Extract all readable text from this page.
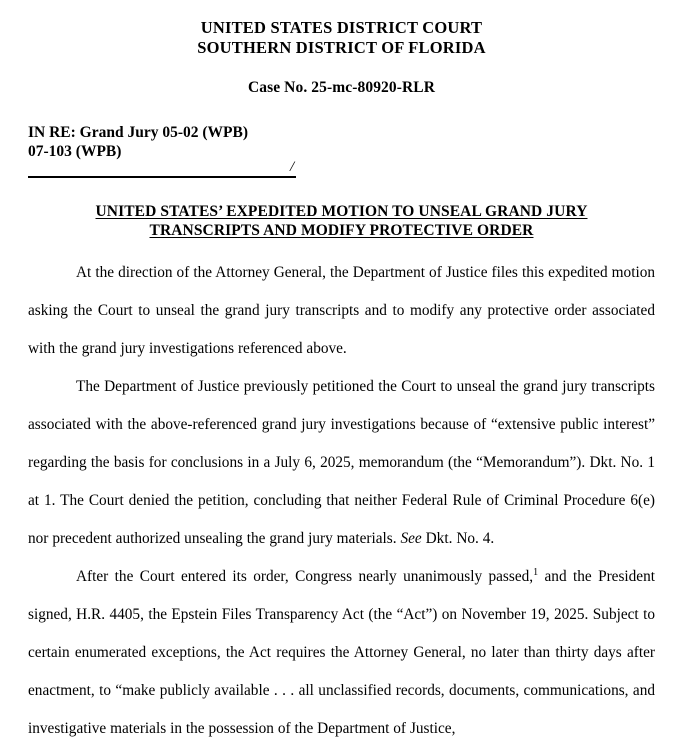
UNITED STATES DISTRICT COURT
SOUTHERN DISTRICT OF FLORIDA
Case No. 25-mc-80920-RLR
IN RE: Grand Jury 05-02 (WPB)
07-103 (WPB)
/
UNITED STATES’ EXPEDITED MOTION TO UNSEAL GRAND JURY
TRANSCRIPTS AND MODIFY PROTECTIVE ORDER

At the direction of the Attorney General, the Department of Justice files this expedited motion asking the Court to unseal the grand jury transcripts and to modify any protective order associated with the grand jury investigations referenced above.

The Department of Justice previously petitioned the Court to unseal the grand jury transcripts associated with the above-referenced grand jury investigations because of “extensive public interest” regarding the basis for conclusions in a July 6, 2025, memorandum (the “Memorandum”). Dkt. No. 1 at 1. The Court denied the petition, concluding that neither Federal Rule of Criminal Procedure 6(e) nor precedent authorized unsealing the grand jury materials. See Dkt. No. 4.

After the Court entered its order, Congress nearly unanimously passed,$^1$ and the President signed, H.R. 4405, the Epstein Files Transparency Act (the “Act”) on November 19, 2025. Subject to certain enumerated exceptions, the Act requires the Attorney General, no later than thirty days after enactment, to “make publicly available . . . all unclassified records, documents, communications, and investigative materials in the possession of the Department of Justice,
